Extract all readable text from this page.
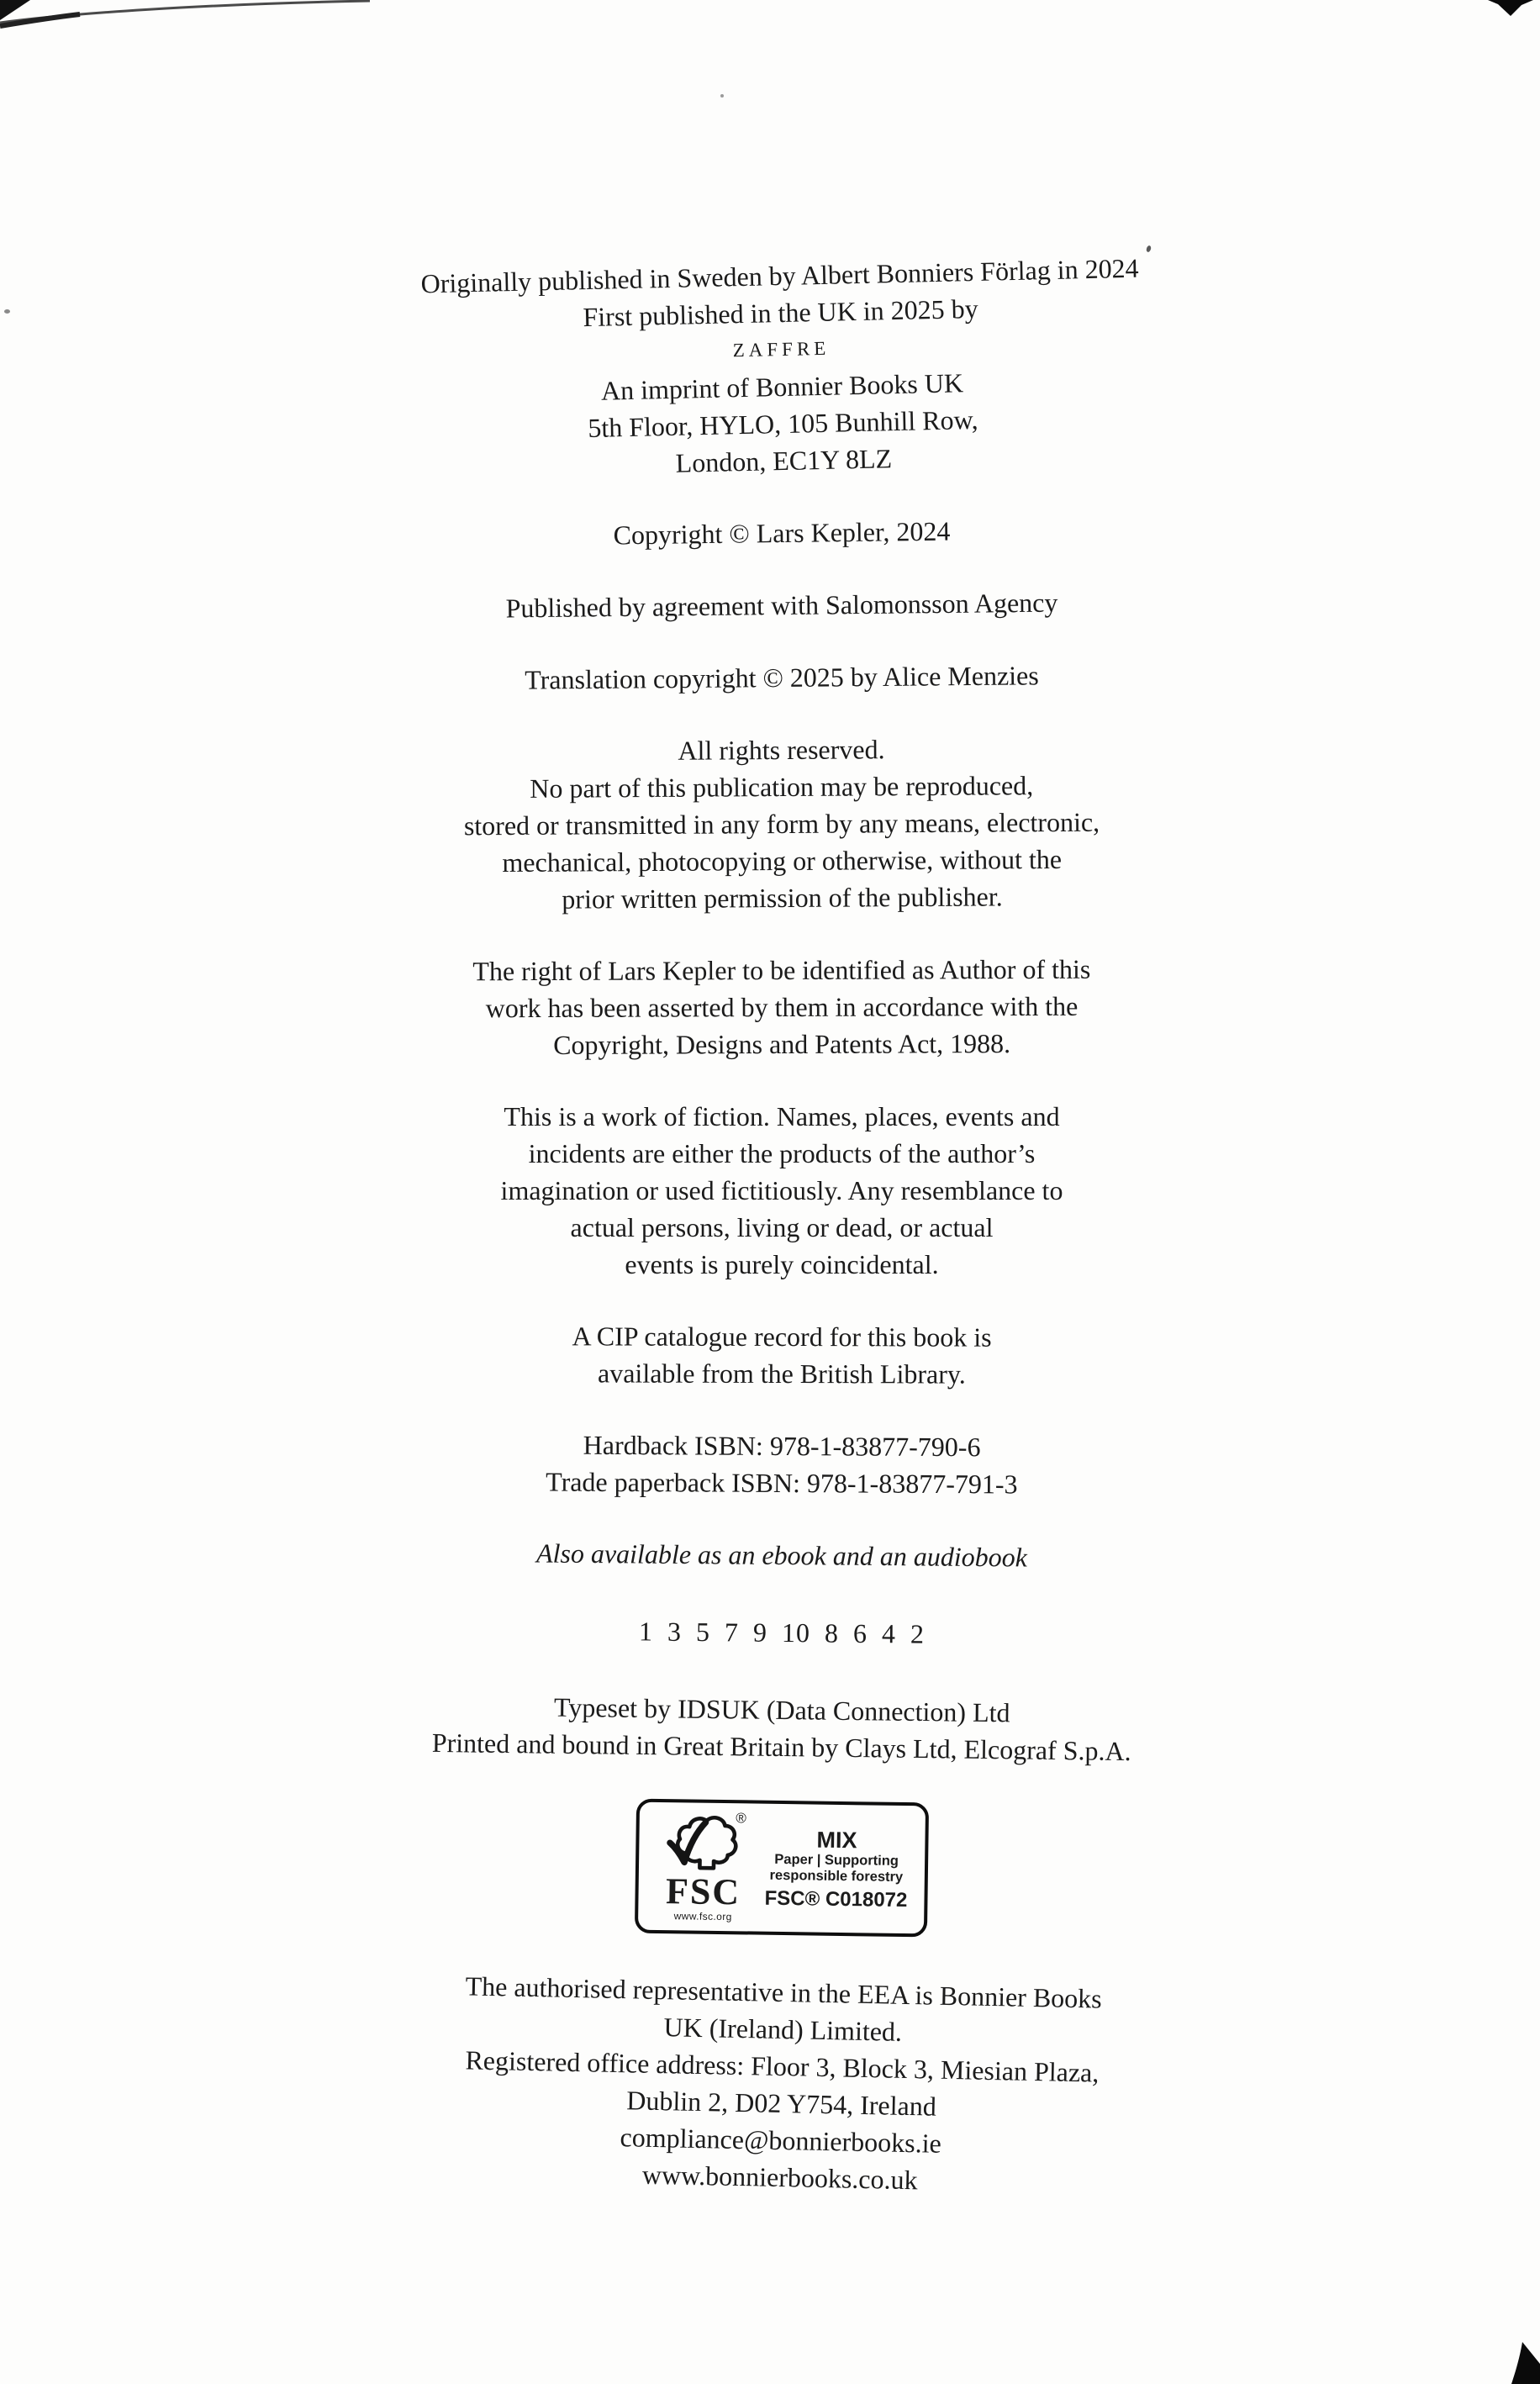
Originally published in Sweden by Albert Bonniers Förlag in 2024

First published in the UK in 2025 by

ZAFFRE

An imprint of Bonnier Books UK

5th Floor, HYLO, 105 Bunhill Row,

London, EC1Y 8LZ

Copyright © Lars Kepler, 2024

Published by agreement with Salomonsson Agency

Translation copyright © 2025 by Alice Menzies

All rights reserved.

No part of this publication may be reproduced,

stored or transmitted in any form by any means, electronic,

mechanical, photocopying or otherwise, without the

prior written permission of the publisher.

The right of Lars Kepler to be identified as Author of this

work has been asserted by them in accordance with the

Copyright, Designs and Patents Act, 1988.

This is a work of fiction. Names, places, events and

incidents are either the products of the author’s

imagination or used fictitiously. Any resemblance to

actual persons, living or dead, or actual

events is purely coincidental.

A CIP catalogue record for this book is

available from the British Library.

Hardback ISBN: 978-1-83877-790-6

Trade paperback ISBN: 978-1-83877-791-3

Also available as an ebook and an audiobook

1 3 5 7 9 10 8 6 4 2

Typeset by IDSUK (Data Connection) Ltd

Printed and bound in Great Britain by Clays Ltd, Elcograf S.p.A.

®
FSC
www.fsc.org
MIX
Paper | Supporting
responsible forestry
FSC® C018072

The authorised representative in the EEA is Bonnier Books

UK (Ireland) Limited.

Registered office address: Floor 3, Block 3, Miesian Plaza,

Dublin 2, D02 Y754, Ireland

compliance@bonnierbooks.ie

www.bonnierbooks.co.uk
